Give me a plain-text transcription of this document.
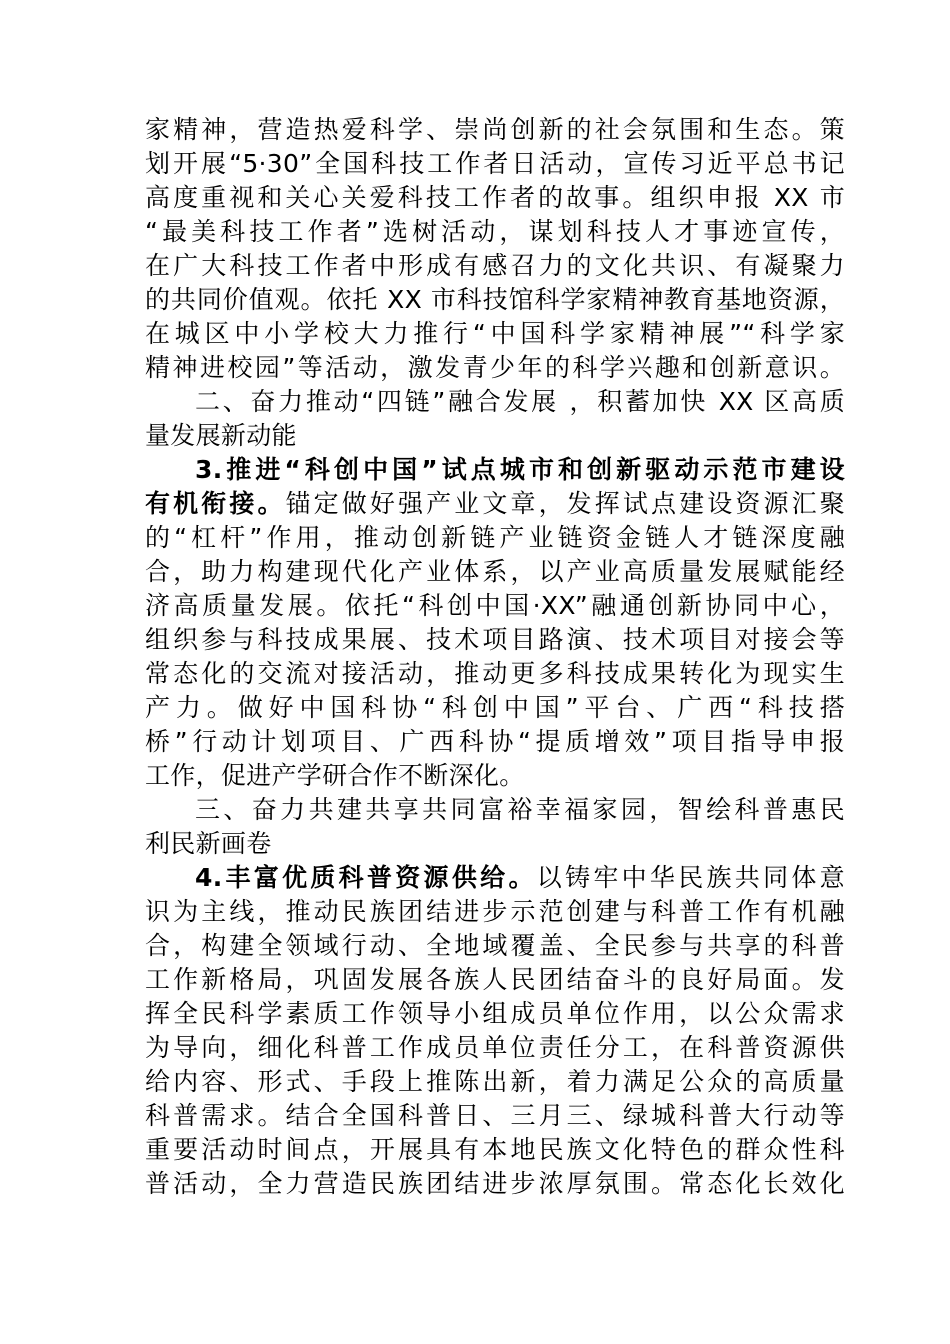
家精神，营造热爱科学、崇尚创新的社会氛围和生态。策
划开展“5·30”全国科技工作者日活动，宣传习近平总书记
高度重视和关心关爱科技工作者的故事。组织申报 XX 市
“最美科技工作者”选树活动，谋划科技人才事迹宣传，
在广大科技工作者中形成有感召力的文化共识、有凝聚力
的共同价值观。依托 XX 市科技馆科学家精神教育基地资源，
在城区中小学校大力推行“中国科学家精神展”“科学家
精神进校园”等活动，激发青少年的科学兴趣和创新意识。
二、奋力推动“四链”融合发展 ，积蓄加快 XX 区高质
量发展新动能
3.推进“科创中国”试点城市和创新驱动示范市建设
有机衔接。锚定做好强产业文章，发挥试点建设资源汇聚
的“杠杆”作用，推动创新链产业链资金链人才链深度融
合，助力构建现代化产业体系，以产业高质量发展赋能经
济高质量发展。依托“科创中国·XX”融通创新协同中心，
组织参与科技成果展、技术项目路演、技术项目对接会等
常态化的交流对接活动，推动更多科技成果转化为现实生
产力。做好中国科协“科创中国”平台、广西“科技搭
桥”行动计划项目、广西科协“提质增效”项目指导申报
工作，促进产学研合作不断深化。
三、奋力共建共享共同富裕幸福家园，智绘科普惠民
利民新画卷
4.丰富优质科普资源供给。以铸牢中华民族共同体意
识为主线，推动民族团结进步示范创建与科普工作有机融
合，构建全领域行动、全地域覆盖、全民参与共享的科普
工作新格局，巩固发展各族人民团结奋斗的良好局面。发
挥全民科学素质工作领导小组成员单位作用，以公众需求
为导向，细化科普工作成员单位责任分工，在科普资源供
给内容、形式、手段上推陈出新，着力满足公众的高质量
科普需求。结合全国科普日、三月三、绿城科普大行动等
重要活动时间点，开展具有本地民族文化特色的群众性科
普活动，全力营造民族团结进步浓厚氛围。常态化长效化
